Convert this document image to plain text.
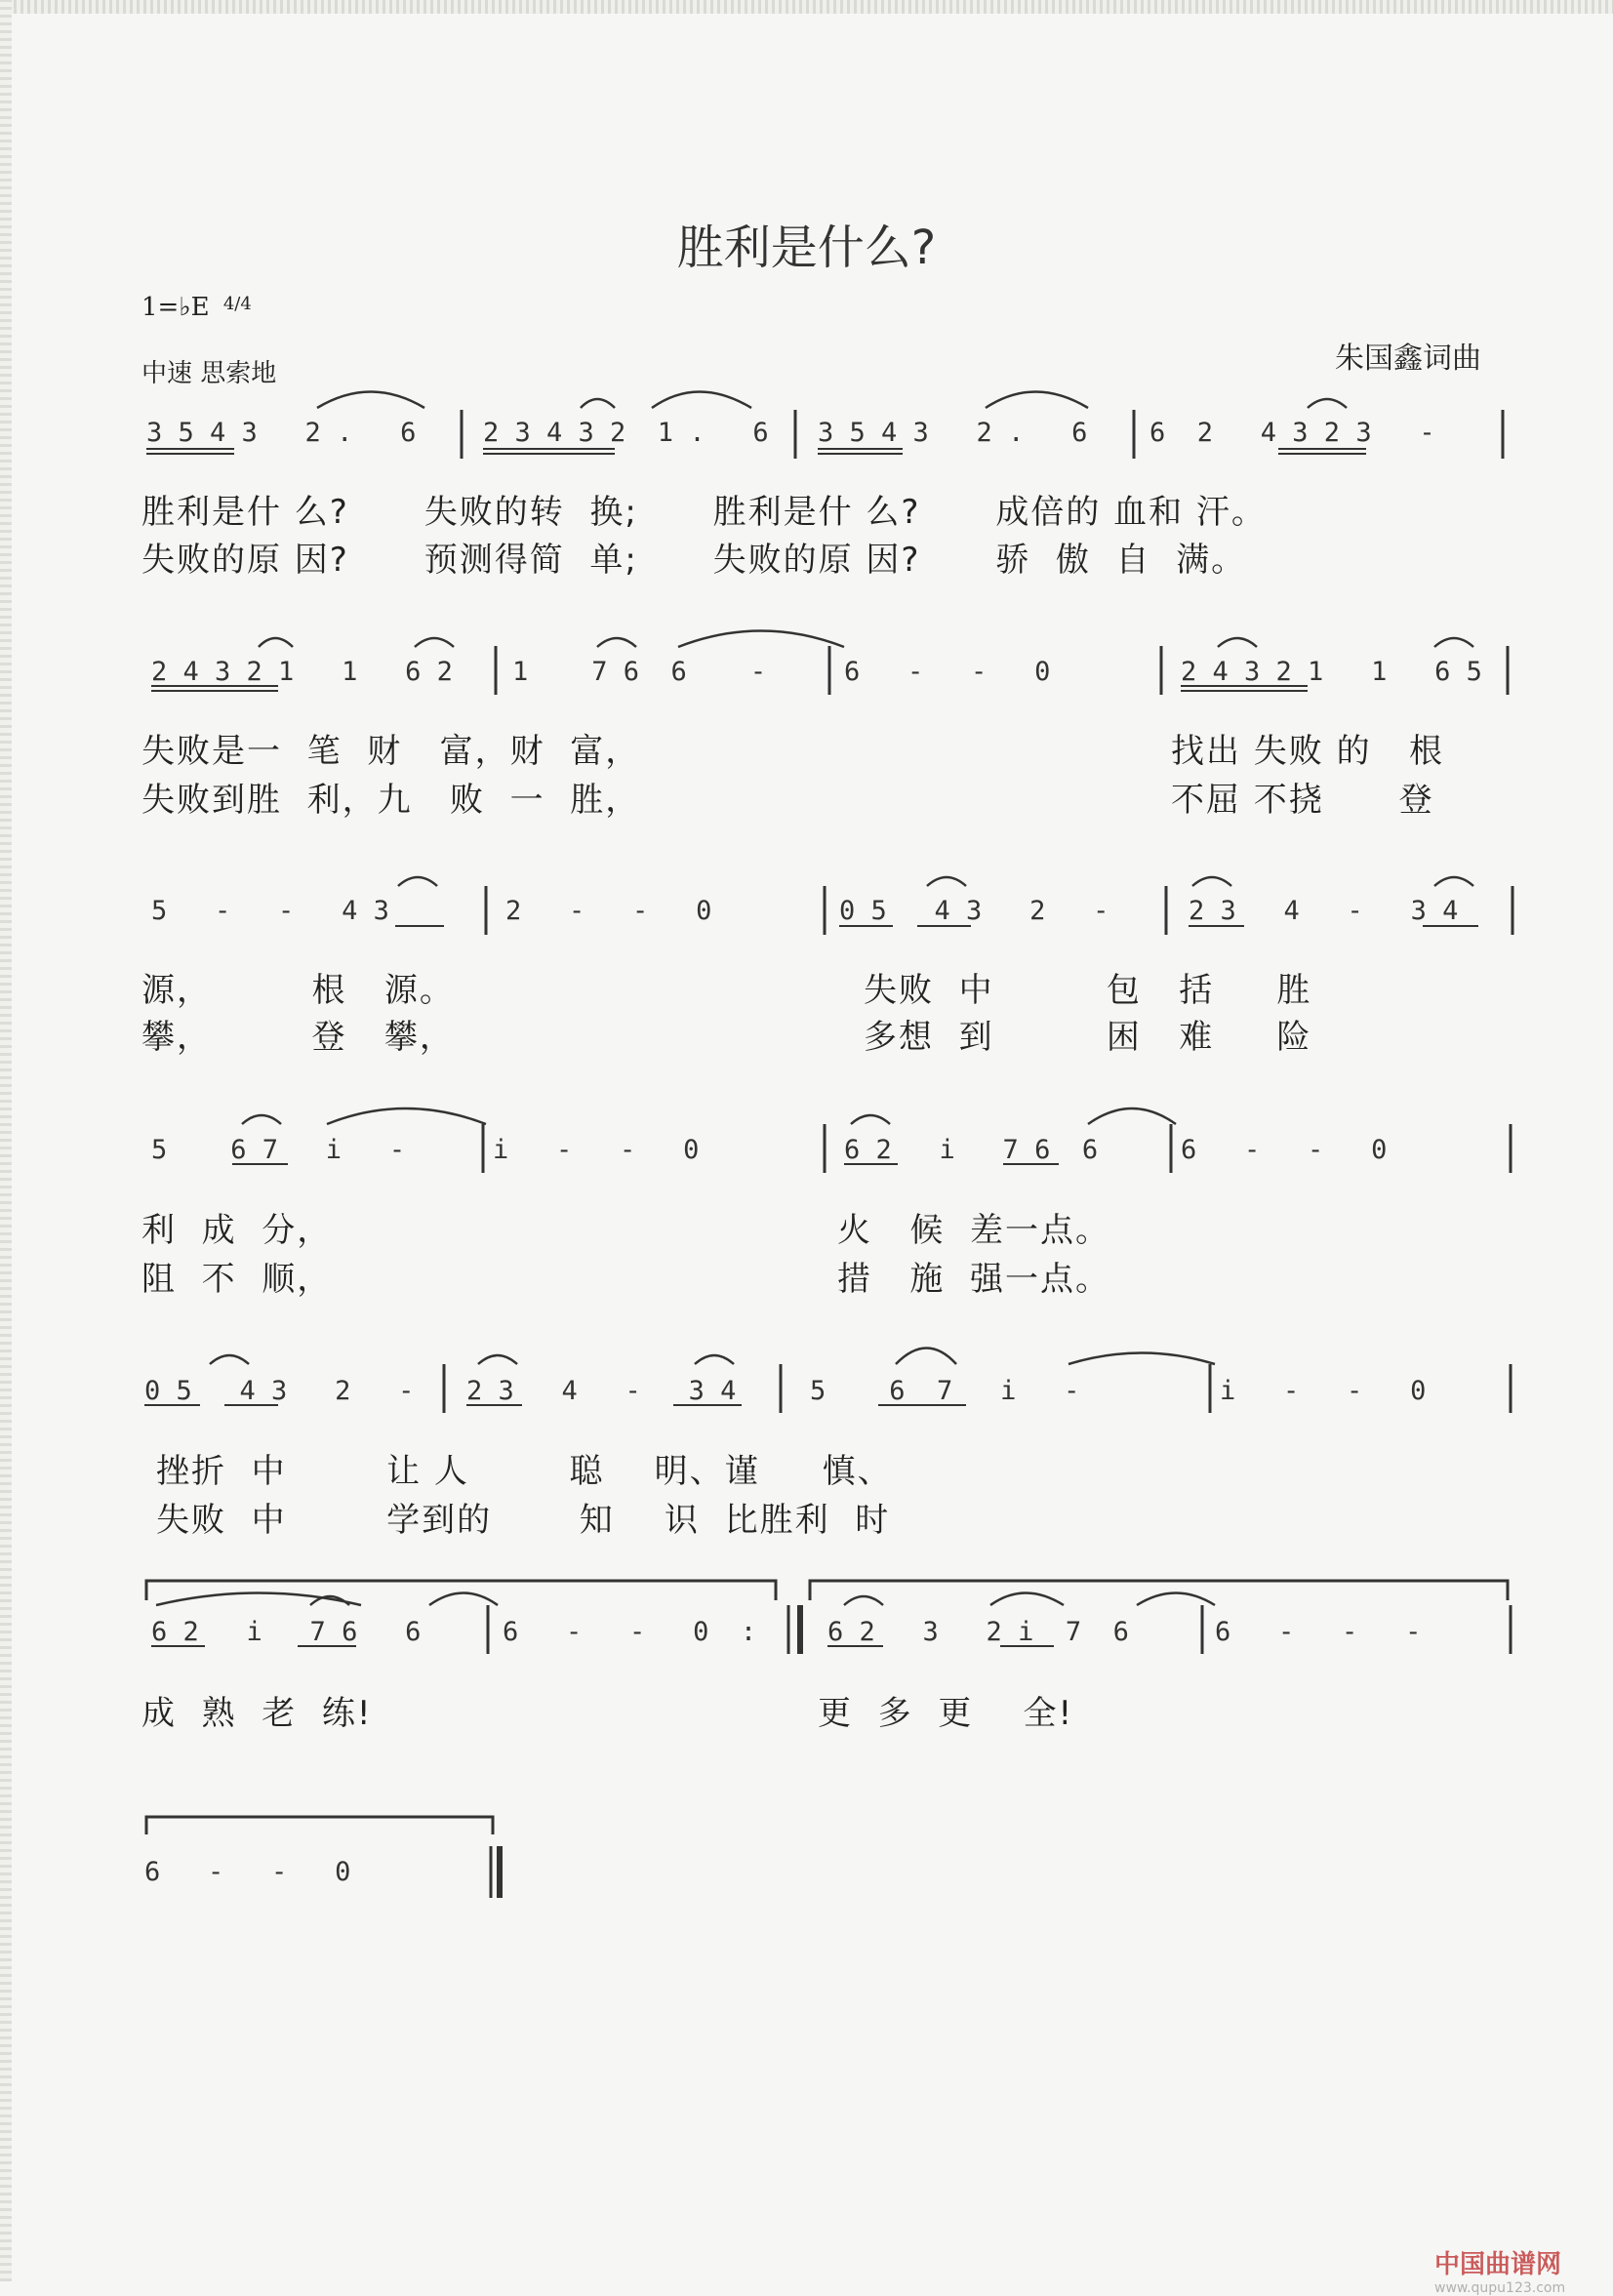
胜利是什么?
1=♭E $^{4/4}$
中速 思索地	朱国鑫词曲
3 5 4 3   2 .   6	2 3 4 3 2  1 .   6 3 5 4 3   2 .   6 6  2   4 3 2 3   -
胜利是什 么?      失败的转  换;      胜利是什 么?      成倍的 血和 汗。
失败的原 因?      预测得简  单;      失败的原 因?      骄  傲  自  满。
2 4 3 2 1   1   6 2 1    7 6  6    -	6   -   -   0	2 4 3 2 1   1   6 5
失败是一  笔  财   富，财  富，
失败到胜  利，九   败  一  胜，
找出 失败 的   根
不屈 不挠      登
5   -   -   4 3	2   -   -   0	0 5   4 3   2   -	2 3   4   -   3 4
源，        根   源。
攀，        登   攀，
失败  中         包   括     胜
多想  到         困   难     险
5    6 7   i   -	i   -   -   0	6 2   i   7 6  6	6   -   -   0
利  成  分，
阻  不  顺，
火   候  差一点。
措   施  强一点。
0 5   4 3   2   - 2 3   4   -   3 4	5    6  7   i   -	i   -   -   0
挫折  中        让 人        聪    明、谨     慎、
失败  中        学到的       知    识  比胜利  时
6 2   i   7 6   6	6   -   -   0  :	6 2   3   2 i  7  6	6   -   -   -
成  熟  老  练!	更  多  更    全!
6   -   -   0
中国曲谱网
www.qupu123.com
